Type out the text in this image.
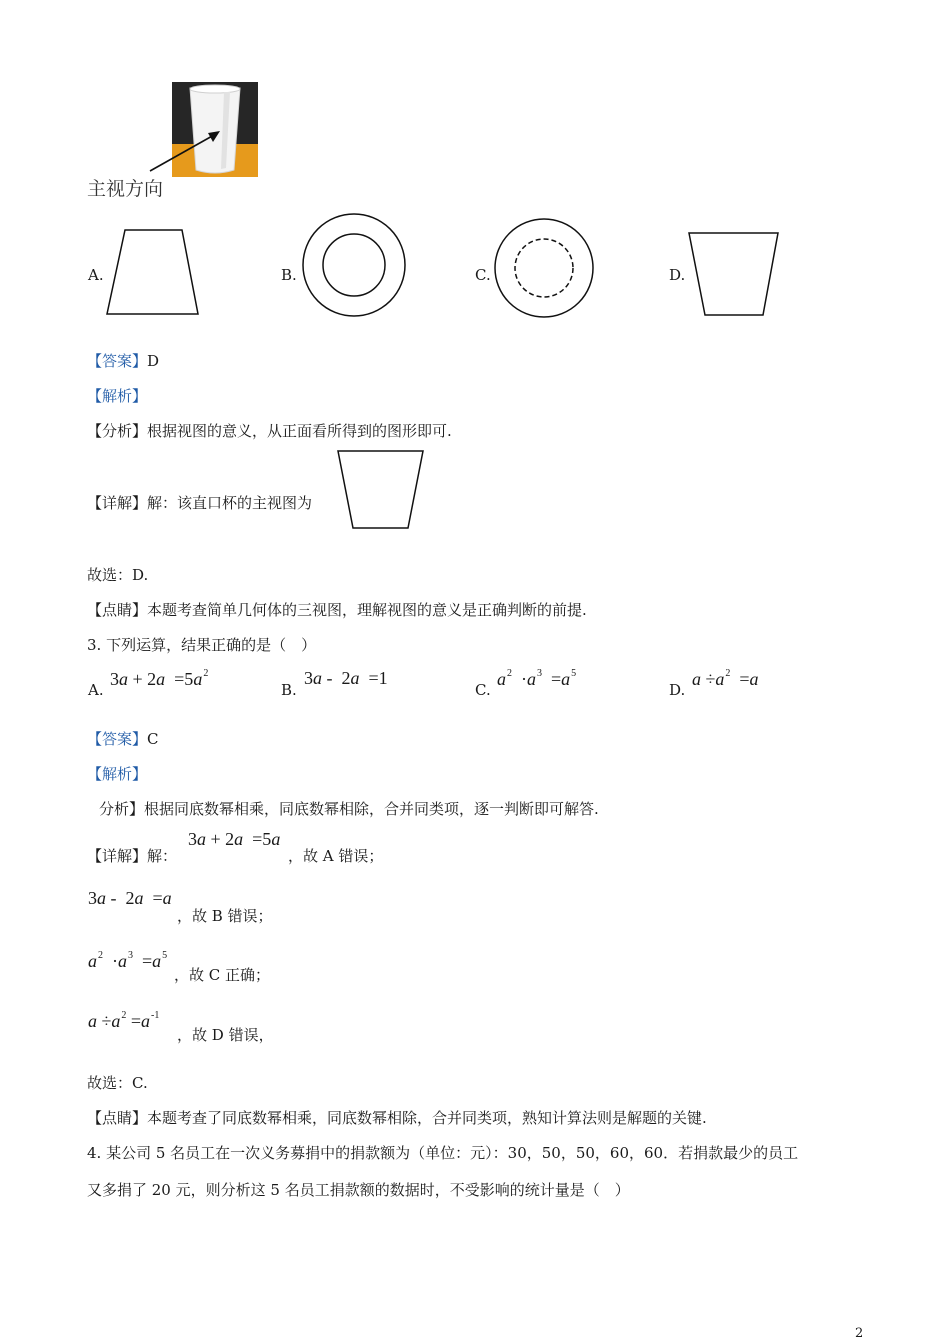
主视方向
A.	B.	C.	D.
【答案】D
【解析】
【分析】根据视图的意义，从正面看所得到的图形即可.
【详解】解：该直口杯的主视图为
故选：D.
【点睛】本题考查简单几何体的三视图，理解视图的意义是正确判断的前提.
3. 下列运算，结果正确的是（　）
A.
$3a + 2a =5a^2$
B.
3a -  2a  =1
C.
$a^2 \cdot a^3 =a^5$
D.
$a \div a^2 =a$
【答案】C
【解析】
分析】根据同底数幂相乘，同底数幂相除，合并同类项，逐一判断即可解答.
【详解】解：
3a + 2a  =5a
，故 A 错误；
3a -  2a  =a
，故 B 错误；
$a^2 \cdot a^3 =a^5$
，故 C 正确；
$a \div a^2 =a^{-1}$
，故 D 错误，
故选：C.
【点睛】本题考查了同底数幂相乘，同底数幂相除，合并同类项，熟知计算法则是解题的关键.
4. 某公司 5 名员工在一次义务募捐中的捐款额为（单位：元）：30，50，50，60，60．若捐款最少的员工
又多捐了 20 元，则分析这 5 名员工捐款额的数据时，不受影响的统计量是（　）
2
